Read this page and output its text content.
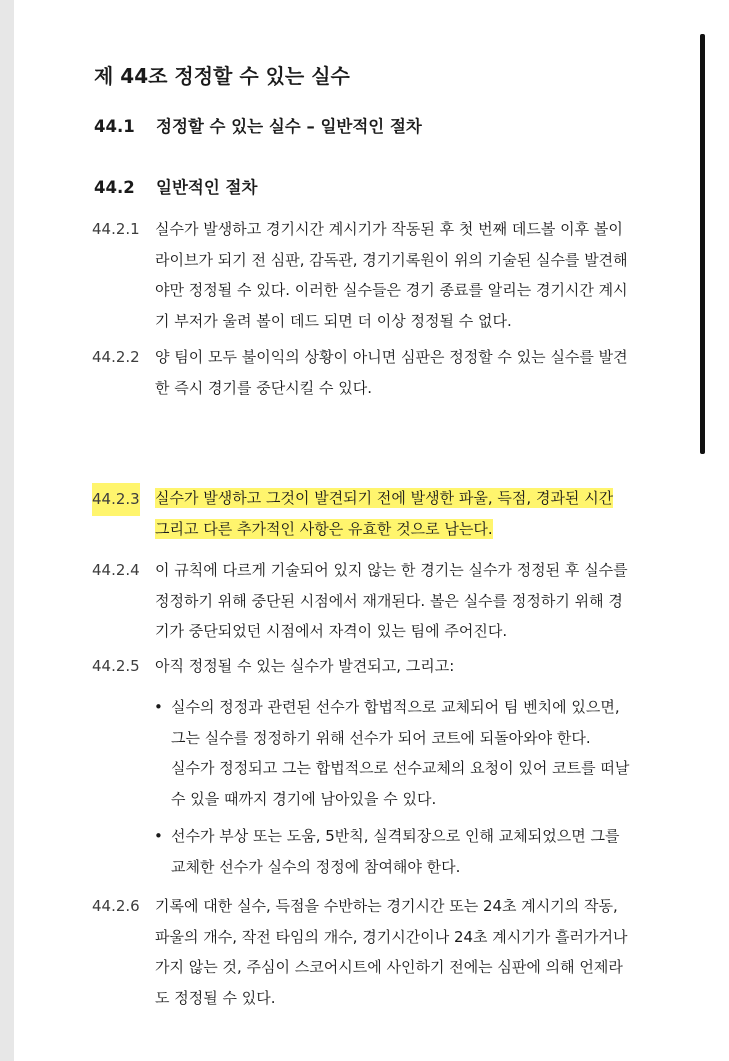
제 44조 정정할 수 있는 실수
44.1 정정할 수 있는 실수 – 일반적인 절차
44.2 일반적인 절차
44.2.1 실수가 발생하고 경기시간 계시기가 작동된 후 첫 번째 데드볼 이후 볼이
라이브가 되기 전 심판, 감독관, 경기기록원이 위의 기술된 실수를 발견해
야만 정정될 수 있다. 이러한 실수들은 경기 종료를 알리는 경기시간 계시
기 부저가 울려 볼이 데드 되면 더 이상 정정될 수 없다.
44.2.2 양 팀이 모두 불이익의 상황이 아니면 심판은 정정할 수 있는 실수를 발견
한 즉시 경기를 중단시킬 수 있다.
44.2.3 실수가 발생하고 그것이 발견되기 전에 발생한 파울, 득점, 경과된 시간
그리고 다른 추가적인 사항은 유효한 것으로 남는다.
44.2.4 이 규칙에 다르게 기술되어 있지 않는 한 경기는 실수가 정정된 후 실수를
정정하기 위해 중단된 시점에서 재개된다. 볼은 실수를 정정하기 위해 경
기가 중단되었던 시점에서 자격이 있는 팀에 주어진다.
44.2.5 아직 정정될 수 있는 실수가 발견되고, 그리고:
• 실수의 정정과 관련된 선수가 합법적으로 교체되어 팀 벤치에 있으면,
그는 실수를 정정하기 위해 선수가 되어 코트에 되돌아와야 한다.
실수가 정정되고 그는 합법적으로 선수교체의 요청이 있어 코트를 떠날
수 있을 때까지 경기에 남아있을 수 있다.
• 선수가 부상 또는 도움, 5반칙, 실격퇴장으로 인해 교체되었으면 그를
교체한 선수가 실수의 정정에 참여해야 한다.
44.2.6 기록에 대한 실수, 득점을 수반하는 경기시간 또는 24초 계시기의 작동,
파울의 개수, 작전 타임의 개수, 경기시간이나 24초 계시기가 흘러가거나
가지 않는 것, 주심이 스코어시트에 사인하기 전에는 심판에 의해 언제라
도 정정될 수 있다.
